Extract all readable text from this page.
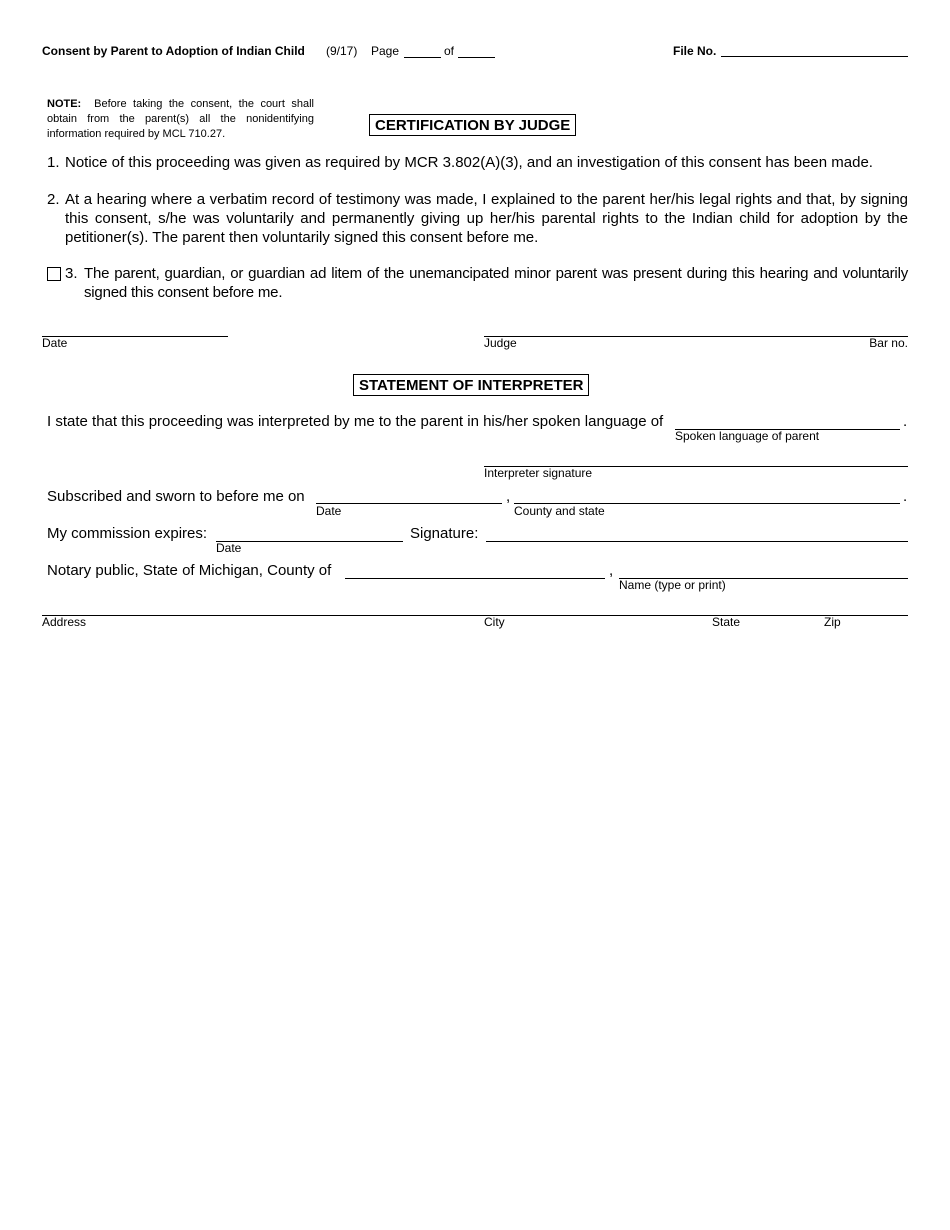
Consent by Parent to Adoption of Indian Child (9/17) Page	of	File No.
NOTE: Before taking the consent, the court shall obtain from the parent(s) all the nonidentifying information required by MCL 710.27.	CERTIFICATION BY JUDGE
1. Notice of this proceeding was given as required by MCR 3.802(A)(3), and an investigation of this consent has been made.
2. At a hearing where a verbatim record of testimony was made, I explained to the parent her/his legal rights and that, by signing this consent, s/he was voluntarily and permanently giving up her/his parental rights to the Indian child for adoption by the petitioner(s). The parent then voluntarily signed this consent before me.
3. The parent, guardian, or guardian ad litem of the unemancipated minor parent was present during this hearing and voluntarily signed this consent before me.
Date	Judge	Bar no.
STATEMENT OF INTERPRETER
I state that this proceeding was interpreted by me to the parent in his/her spoken language of	.
Spoken language of parent
Interpreter signature
Subscribed and sworn to before me on
Date
,
County and state
.
My commission expires:
Date
Signature:
Notary public, State of Michigan, County of	,
Name (type or print)
Address	City	State	Zip
